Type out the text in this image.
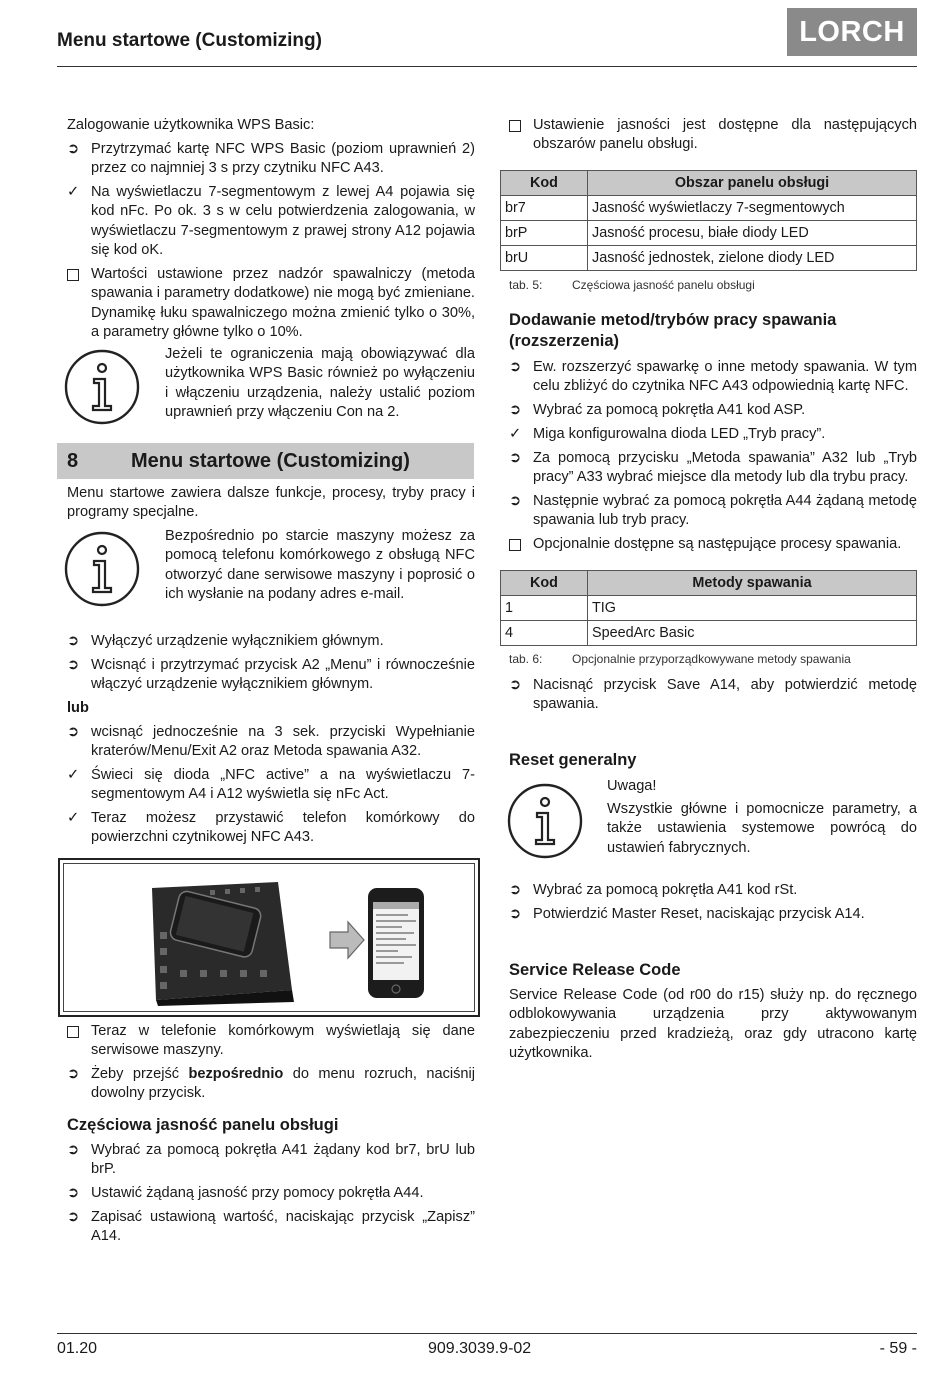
Menu startowe (Customizing)	LORCH
Zalogowanie użytkownika WPS Basic:
➲ Przytrzymać kartę NFC WPS Basic (poziom uprawnień 2) przez co najmniej 3 s przy czytniku NFC A43.
✓ Na wyświetlaczu 7-segmentowym z lewej A4 pojawia się kod nFc. Po ok. 3 s w celu potwierdzenia zalogowania, w wyświetlaczu 7-segmentowym z prawej strony A12 pojawia się kod oK.
Wartości ustawione przez nadzór spawalniczy (metoda spawania i parametry dodatkowe) nie mogą być zmieniane. Dynamikę łuku spawalniczego można zmienić tylko o 30%, a parametry główne tylko o 10%.
Jeżeli te ograniczenia mają obowiązywać dla użytkownika WPS Basic również po wyłączeniu i włączeniu urządzenia, należy ustalić poziom uprawnień przy włączeniu Con na 2.
8	Menu startowe (Customizing)
Menu startowe zawiera dalsze funkcje, procesy, tryby pracy i programy specjalne.
Bezpośrednio po starcie maszyny możesz za pomocą telefonu komórkowego z obsługą NFC otworzyć dane serwisowe maszyny i poprosić o ich wysłanie na podany adres e-mail.
➲ Wyłączyć urządzenie wyłącznikiem głównym.
➲ Wcisnąć i przytrzymać przycisk A2 „Menu” i równocześnie włączyć urządzenie wyłącznikiem głównym.
lub
➲ wcisnąć jednocześnie na 3 sek. przyciski Wypełnianie kraterów/Menu/Exit A2 oraz Metoda spawania A32.
✓ Świeci się dioda „NFC active” a na wyświetlaczu 7-segmentowym A4 i A12 wyświetla się nFc Act.
✓ Teraz możesz przystawić telefon komórkowy do powierzchni czytnikowej NFC A43.
Teraz w telefonie komórkowym wyświetlają się dane serwisowe maszyny.
➲ Żeby przejść bezpośrednio do menu rozruch, naciśnij dowolny przycisk.
Częściowa jasność panelu obsługi
➲ Wybrać za pomocą pokrętła A41 żądany kod br7, brU lub brP.
➲ Ustawić żądaną jasność przy pomocy pokrętła A44.
➲ Zapisać ustawioną wartość, naciskając przycisk „Zapisz” A14.
Ustawienie jasności jest dostępne dla następujących obszarów panelu obsługi.
Kod	Obszar panelu obsługi
br7	Jasność wyświetlaczy 7-segmentowych
brP	Jasność procesu, białe diody LED
brU	Jasność jednostek, zielone diody LED
tab. 5: Częściowa jasność panelu obsługi
Dodawanie metod/trybów pracy spawania (rozszerzenia)
➲ Ew. rozszerzyć spawarkę o inne metody spawania. W tym celu zbliżyć do czytnika NFC A43 odpowiednią kartę NFC.
➲ Wybrać za pomocą pokrętła A41 kod ASP.
✓ Miga konfigurowalna dioda LED „Tryb pracy”.
➲ Za pomocą przycisku „Metoda spawania” A32 lub „Tryb pracy” A33 wybrać miejsce dla metody lub dla trybu pracy.
➲ Następnie wybrać za pomocą pokrętła A44 żądaną metodę spawania lub tryb pracy.
Opcjonalnie dostępne są następujące procesy spawania.
Kod	Metody spawania
1	TIG
4	SpeedArc Basic
tab. 6: Opcjonalnie przyporządkowywane metody spawania
➲ Nacisnąć przycisk Save A14, aby potwierdzić metodę spawania.
Reset generalny
Uwaga!
Wszystkie główne i pomocnicze parametry, a także ustawienia systemowe powrócą do ustawień fabrycznych.
➲ Wybrać za pomocą pokrętła A41 kod rSt.
➲ Potwierdzić Master Reset, naciskając przycisk A14.
Service Release Code
Service Release Code (od r00 do r15) służy np. do ręcznego odblokowywania urządzenia przy aktywowanym zabezpieczeniu przed kradzieżą, oraz gdy utracono kartę użytkownika.
01.20	909.3039.9-02	- 59 -
